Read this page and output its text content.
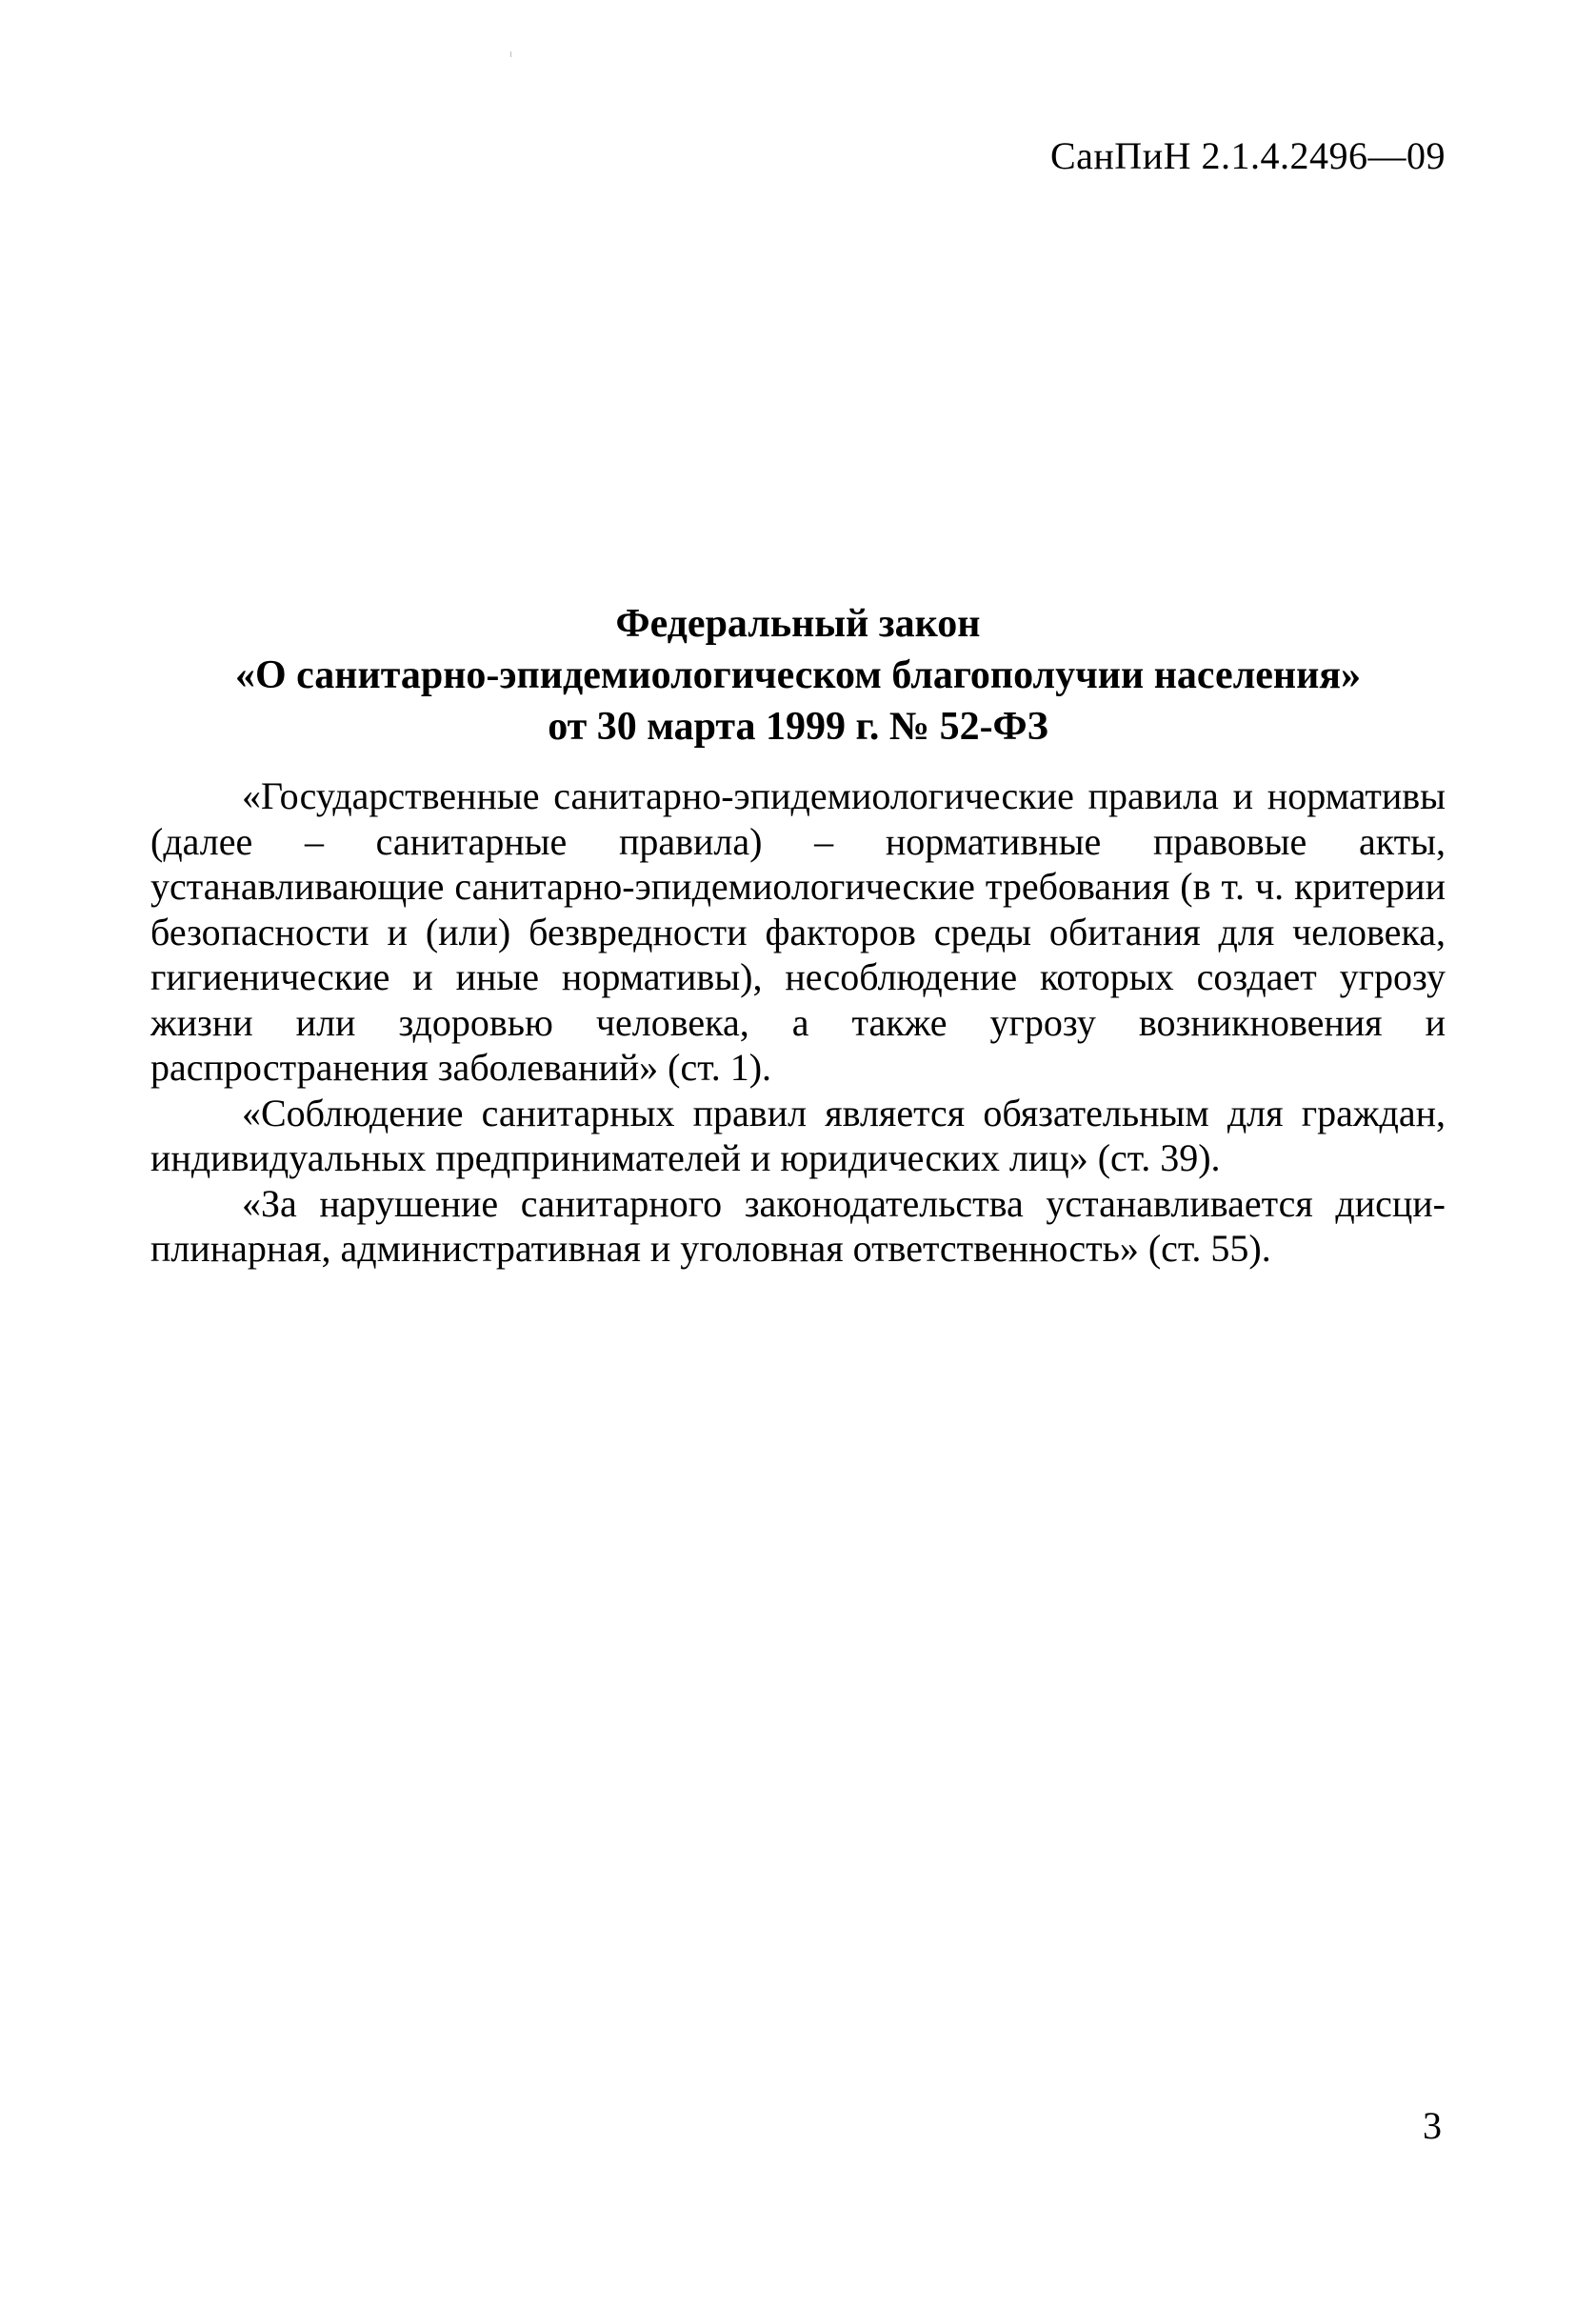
СанПиН 2.1.4.2496—09
Федеральный закон
«О санитарно-эпидемиологическом благополучии населения»
от 30 марта 1999 г. № 52-ФЗ

«Государственные санитарно-эпидемиологические правила и нормативы (далее – санитарные правила) – нормативные правовые акты, устанавливающие санитарно-эпидемиологические требования (в т. ч. критерии безопасности и (или) безвредности факторов среды обитания для человека, гигиенические и иные нормативы), несоблюдение которых создает угрозу жизни или здоровью человека, а также угрозу возникновения и распространения заболеваний» (ст. 1).

«Соблюдение санитарных правил является обязательным для граждан, индивидуальных предпринимателей и юридических лиц» (ст. 39).

«За нарушение санитарного законодательства устанавливается дисциплинарная, административная и уголовная ответственность» (ст. 55).

3
